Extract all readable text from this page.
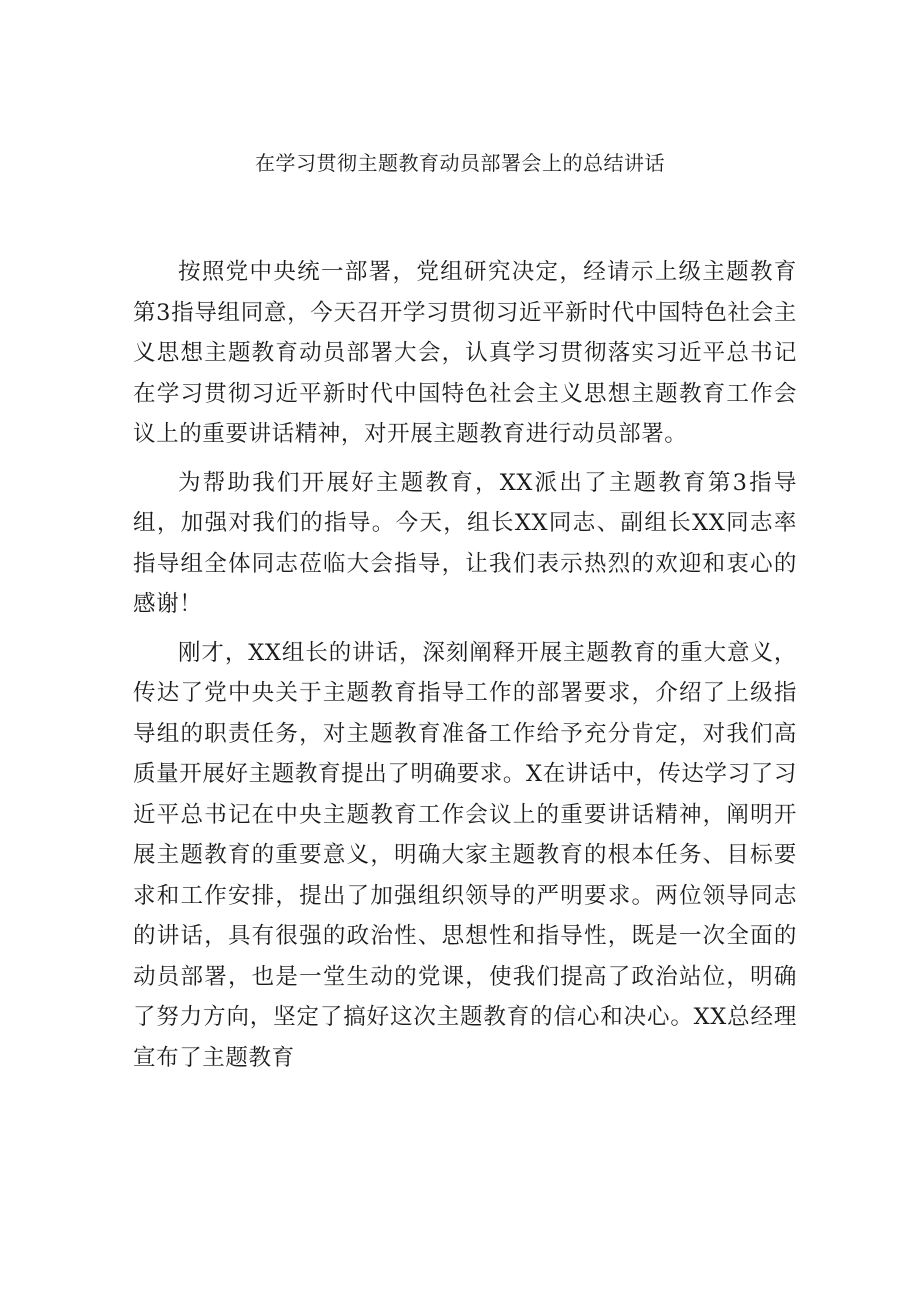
在学习贯彻主题教育动员部署会上的总结讲话

按照党中央统一部署，党组研究决定，经请示上级主题教育第3指导组同意，今天召开学习贯彻习近平新时代中国特色社会主义思想主题教育动员部署大会，认真学习贯彻落实习近平总书记在学习贯彻习近平新时代中国特色社会主义思想主题教育工作会议上的重要讲话精神，对开展主题教育进行动员部署。

为帮助我们开展好主题教育，XX派出了主题教育第3指导组，加强对我们的指导。今天，组长XX同志、副组长XX同志率指导组全体同志莅临大会指导，让我们表示热烈的欢迎和衷心的感谢！

刚才，XX组长的讲话，深刻阐释开展主题教育的重大意义，传达了党中央关于主题教育指导工作的部署要求，介绍了上级指导组的职责任务，对主题教育准备工作给予充分肯定，对我们高质量开展好主题教育提出了明确要求。X在讲话中，传达学习了习近平总书记在中央主题教育工作会议上的重要讲话精神，阐明开展主题教育的重要意义，明确大家主题教育的根本任务、目标要求和工作安排，提出了加强组织领导的严明要求。两位领导同志的讲话，具有很强的政治性、思想性和指导性，既是一次全面的动员部署，也是一堂生动的党课，使我们提高了政治站位，明确了努力方向，坚定了搞好这次主题教育的信心和决心。XX总经理宣布了主题教育
